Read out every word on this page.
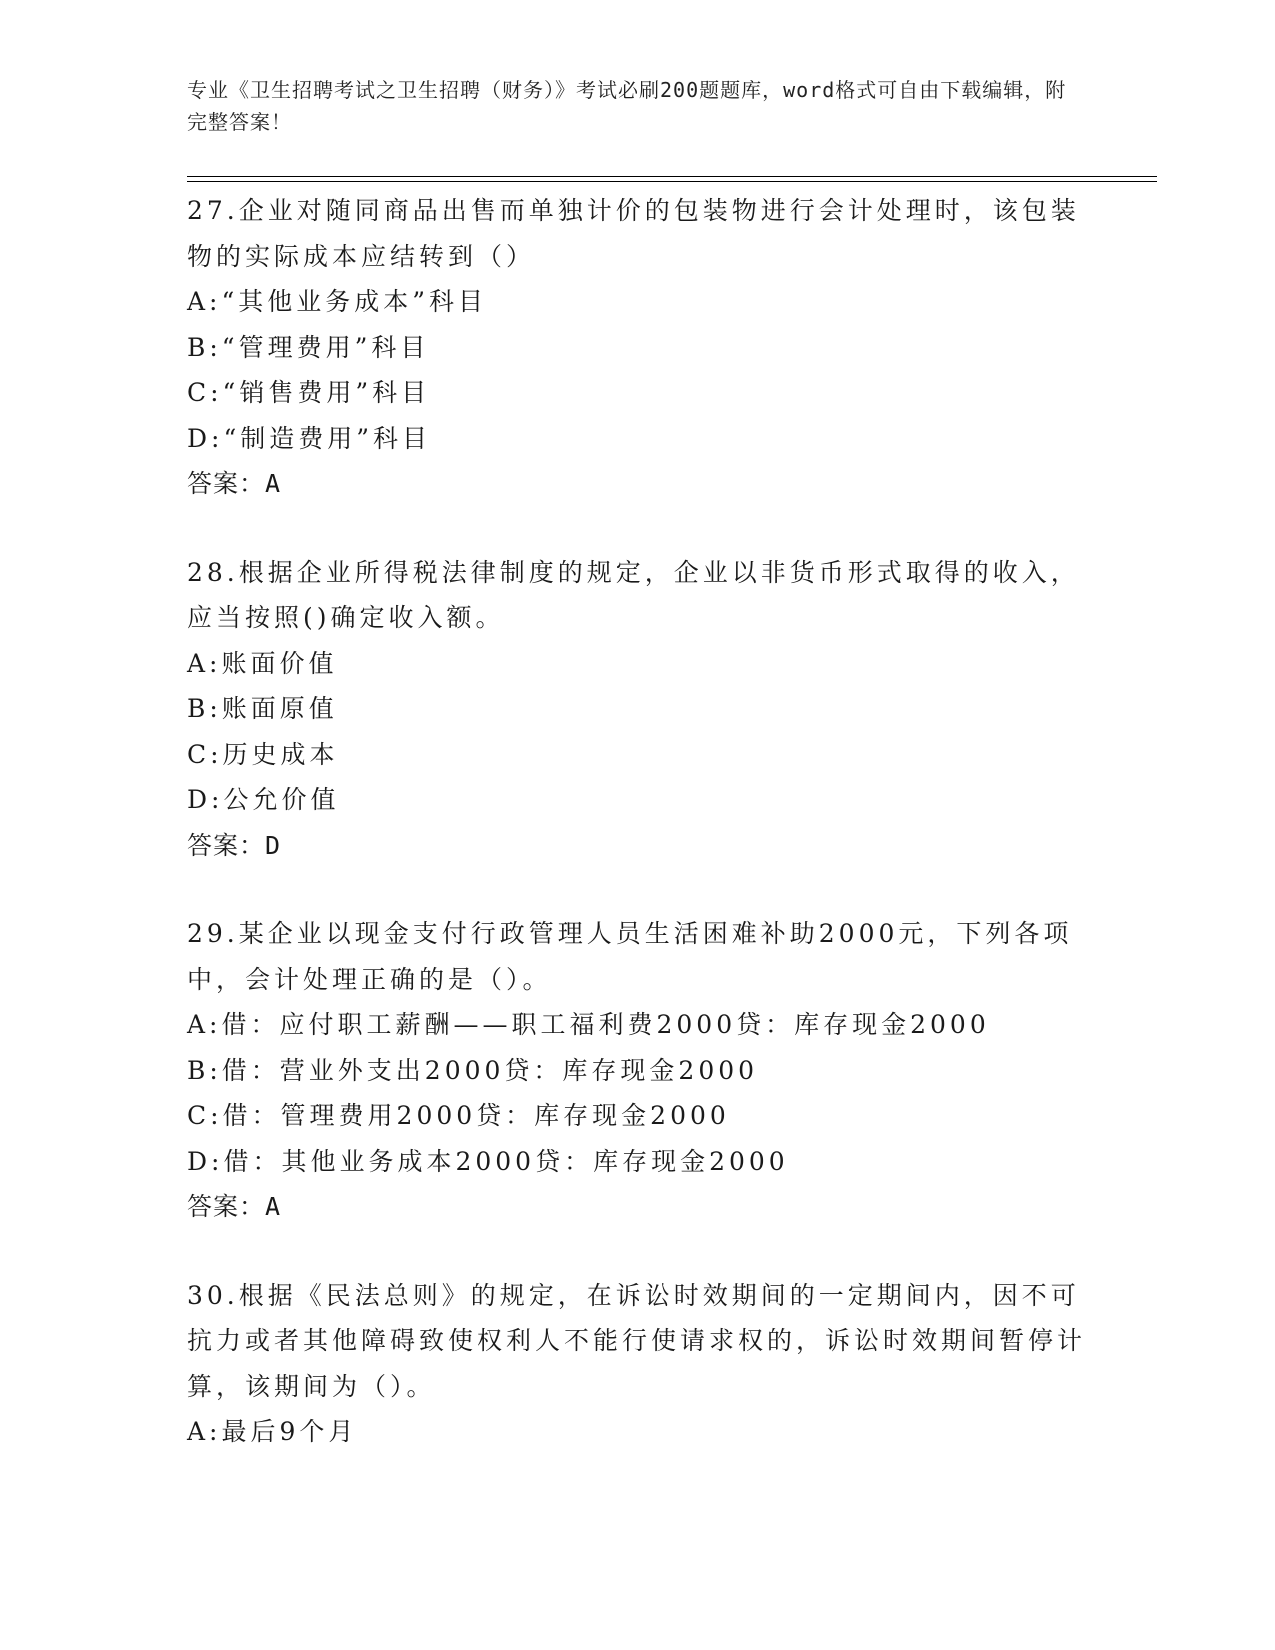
专业《卫生招聘考试之卫生招聘（财务）》考试必刷200题题库，word格式可自由下载编辑，附完整答案！

27.企业对随同商品出售而单独计价的包装物进行会计处理时，该包装物的实际成本应结转到（）

A:“其他业务成本”科目

B:“管理费用”科目

C:“销售费用”科目

D:“制造费用”科目

答案：A

28.根据企业所得税法律制度的规定，企业以非货币形式取得的收入，应当按照()确定收入额。

A:账面价值

B:账面原值

C:历史成本

D:公允价值

答案：D

29.某企业以现金支付行政管理人员生活困难补助2000元，下列各项中，会计处理正确的是（）。

A:借：应付职工薪酬——职工福利费2000贷：库存现金2000

B:借：营业外支出2000贷：库存现金2000

C:借：管理费用2000贷：库存现金2000

D:借：其他业务成本2000贷：库存现金2000

答案：A

30.根据《民法总则》的规定，在诉讼时效期间的一定期间内，因不可抗力或者其他障碍致使权利人不能行使请求权的，诉讼时效期间暂停计算，该期间为（）。

A:最后9个月
